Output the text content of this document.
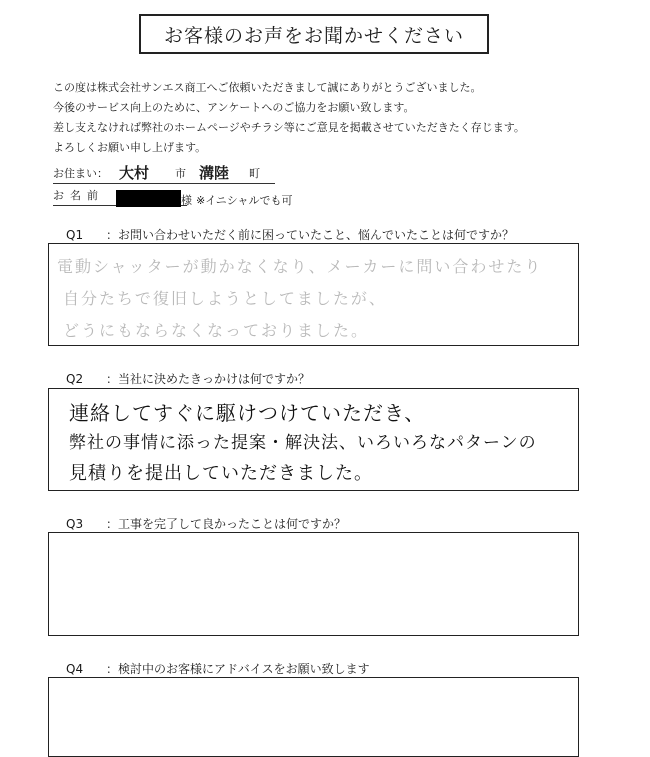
お客様のお声をお聞かせください
この度は株式会社サンエス商工へご依頼いただきまして誠にありがとうございました。
今後のサービス向上のために、アンケートへのご協力をお願い致します。
差し支えなければ弊社のホームページやチラシ等にご意見を掲載させていただきたく存じます。
よろしくお願い申し上げます。
お住まい： 大村 市 溝陸 町
お名前	様 ※イニシャルでも可
Q1 ：お問い合わせいただく前に困っていたこと、悩んでいたことは何ですか？
電動シャッターが動かなくなり、メーカーに問い合わせたり
自分たちで復旧しようとしてましたが、
どうにもならなくなっておりました。
Q2 ：当社に決めたきっかけは何ですか？
連絡してすぐに駆けつけていただき、
弊社の事情に添った提案・解決法、いろいろなパターンの
見積りを提出していただきました。
Q3 ：工事を完了して良かったことは何ですか？
Q4 ：検討中のお客様にアドバイスをお願い致します
